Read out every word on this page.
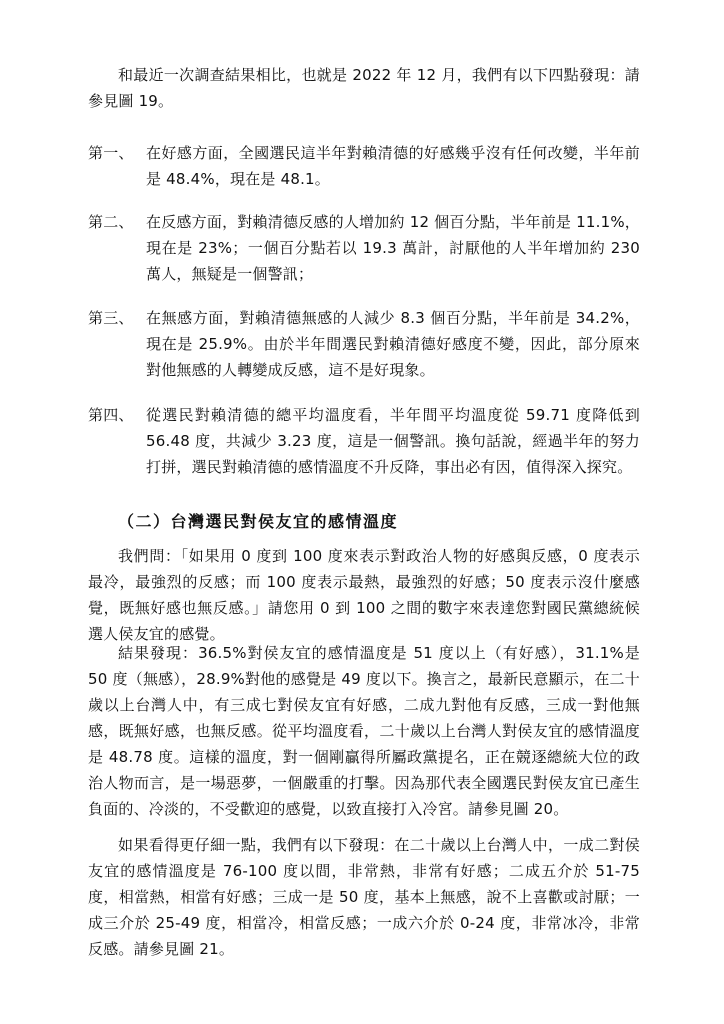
和最近一次調查結果相比，也就是 2022 年 12 月，我們有以下四點發現：請參見圖 19。

第一、 在好感方面，全國選民這半年對賴清德的好感幾乎沒有任何改變，半年前是 48.4%，現在是 48.1。
第二、 在反感方面，對賴清德反感的人增加約 12 個百分點，半年前是 11.1%，現在是 23%；一個百分點若以 19.3 萬計，討厭他的人半年增加約 230 萬人，無疑是一個警訊；
第三、 在無感方面，對賴清德無感的人減少 8.3 個百分點，半年前是 34.2%，現在是 25.9%。由於半年間選民對賴清德好感度不變，因此，部分原來對他無感的人轉變成反感，這不是好現象。
第四、 從選民對賴清德的總平均溫度看，半年間平均溫度從 59.71 度降低到 56.48 度，共減少 3.23 度，這是一個警訊。換句話說，經過半年的努力打拼，選民對賴清德的感情溫度不升反降，事出必有因，值得深入探究。
（二）台灣選民對侯友宜的感情溫度

我們問：「如果用 0 度到 100 度來表示對政治人物的好感與反感，0 度表示最冷，最強烈的反感；而 100 度表示最熱，最強烈的好感；50 度表示沒什麼感覺，既無好感也無反感。」請您用 0 到 100 之間的數字來表達您對國民黨總統候選人侯友宜的感覺。

結果發現：36.5%對侯友宜的感情溫度是 51 度以上（有好感），31.1%是 50 度（無感），28.9%對他的感覺是 49 度以下。換言之，最新民意顯示，在二十歲以上台灣人中，有三成七對侯友宜有好感，二成九對他有反感，三成一對他無感，既無好感，也無反感。從平均溫度看，二十歲以上台灣人對侯友宜的感情溫度是 48.78 度。這樣的溫度，對一個剛贏得所屬政黨提名，正在競逐總統大位的政治人物而言，是一場惡夢，一個嚴重的打擊。因為那代表全國選民對侯友宜已產生負面的、冷淡的，不受歡迎的感覺，以致直接打入冷宮。請參見圖 20。

如果看得更仔細一點，我們有以下發現：在二十歲以上台灣人中，一成二對侯友宜的感情溫度是 76-100 度以間，非常熱，非常有好感；二成五介於 51-75 度，相當熱，相當有好感；三成一是 50 度，基本上無感，說不上喜歡或討厭；一成三介於 25-49 度，相當冷，相當反感；一成六介於 0-24 度，非常冰冷，非常反感。請參見圖 21。
